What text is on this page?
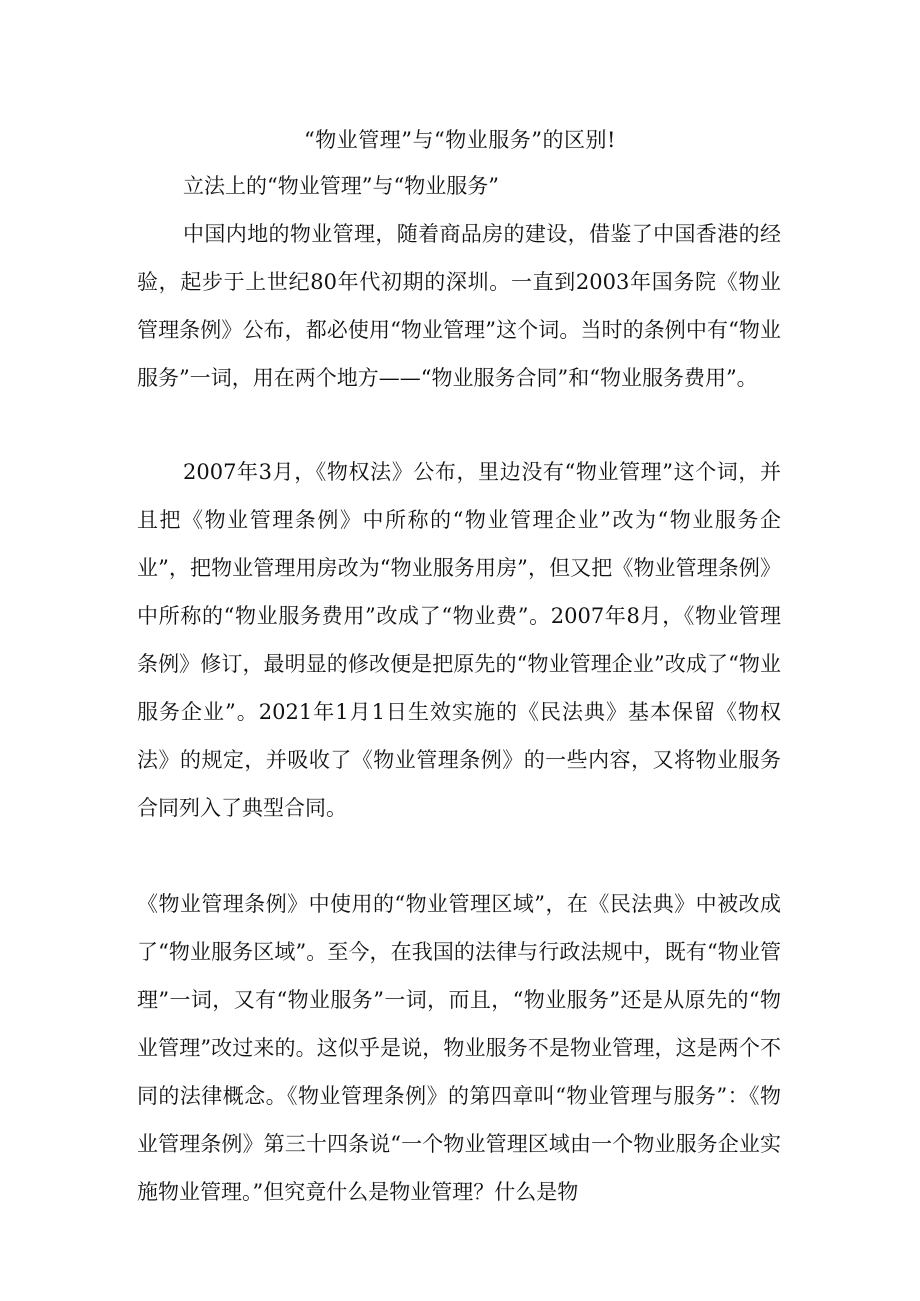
“物业管理”与“物业服务”的区别!
立法上的“物业管理”与“物业服务”

中国内地的物业管理，随着商品房的建设，借鉴了中国香港的经验，起步于上世纪80年代初期的深圳。一直到2003年国务院《物业管理条例》公布，都必使用“物业管理”这个词。当时的条例中有“物业服务”一词，用在两个地方——“物业服务合同”和“物业服务费用”。

2007年3月，《物权法》公布，里边没有“物业管理”这个词，并且把《物业管理条例》中所称的“物业管理企业”改为“物业服务企业”，把物业管理用房改为“物业服务用房”，但又把《物业管理条例》中所称的“物业服务费用”改成了“物业费”。2007年8月，《物业管理条例》修订，最明显的修改便是把原先的“物业管理企业”改成了“物业服务企业”。2021年1月1日生效实施的《民法典》基本保留《物权法》的规定，并吸收了《物业管理条例》的一些内容，又将物业服务合同列入了典型合同。

《物业管理条例》中使用的“物业管理区域”，在《民法典》中被改成了“物业服务区域”。至今，在我国的法律与行政法规中，既有“物业管理”一词，又有“物业服务”一词，而且，“物业服务”还是从原先的“物业管理”改过来的。这似乎是说，物业服务不是物业管理，这是两个不同的法律概念。《物业管理条例》的第四章叫“物业管理与服务”：《物业管理条例》第三十四条说“一个物业管理区域由一个物业服务企业实施物业管理。”但究竟什么是物业管理？什么是物
